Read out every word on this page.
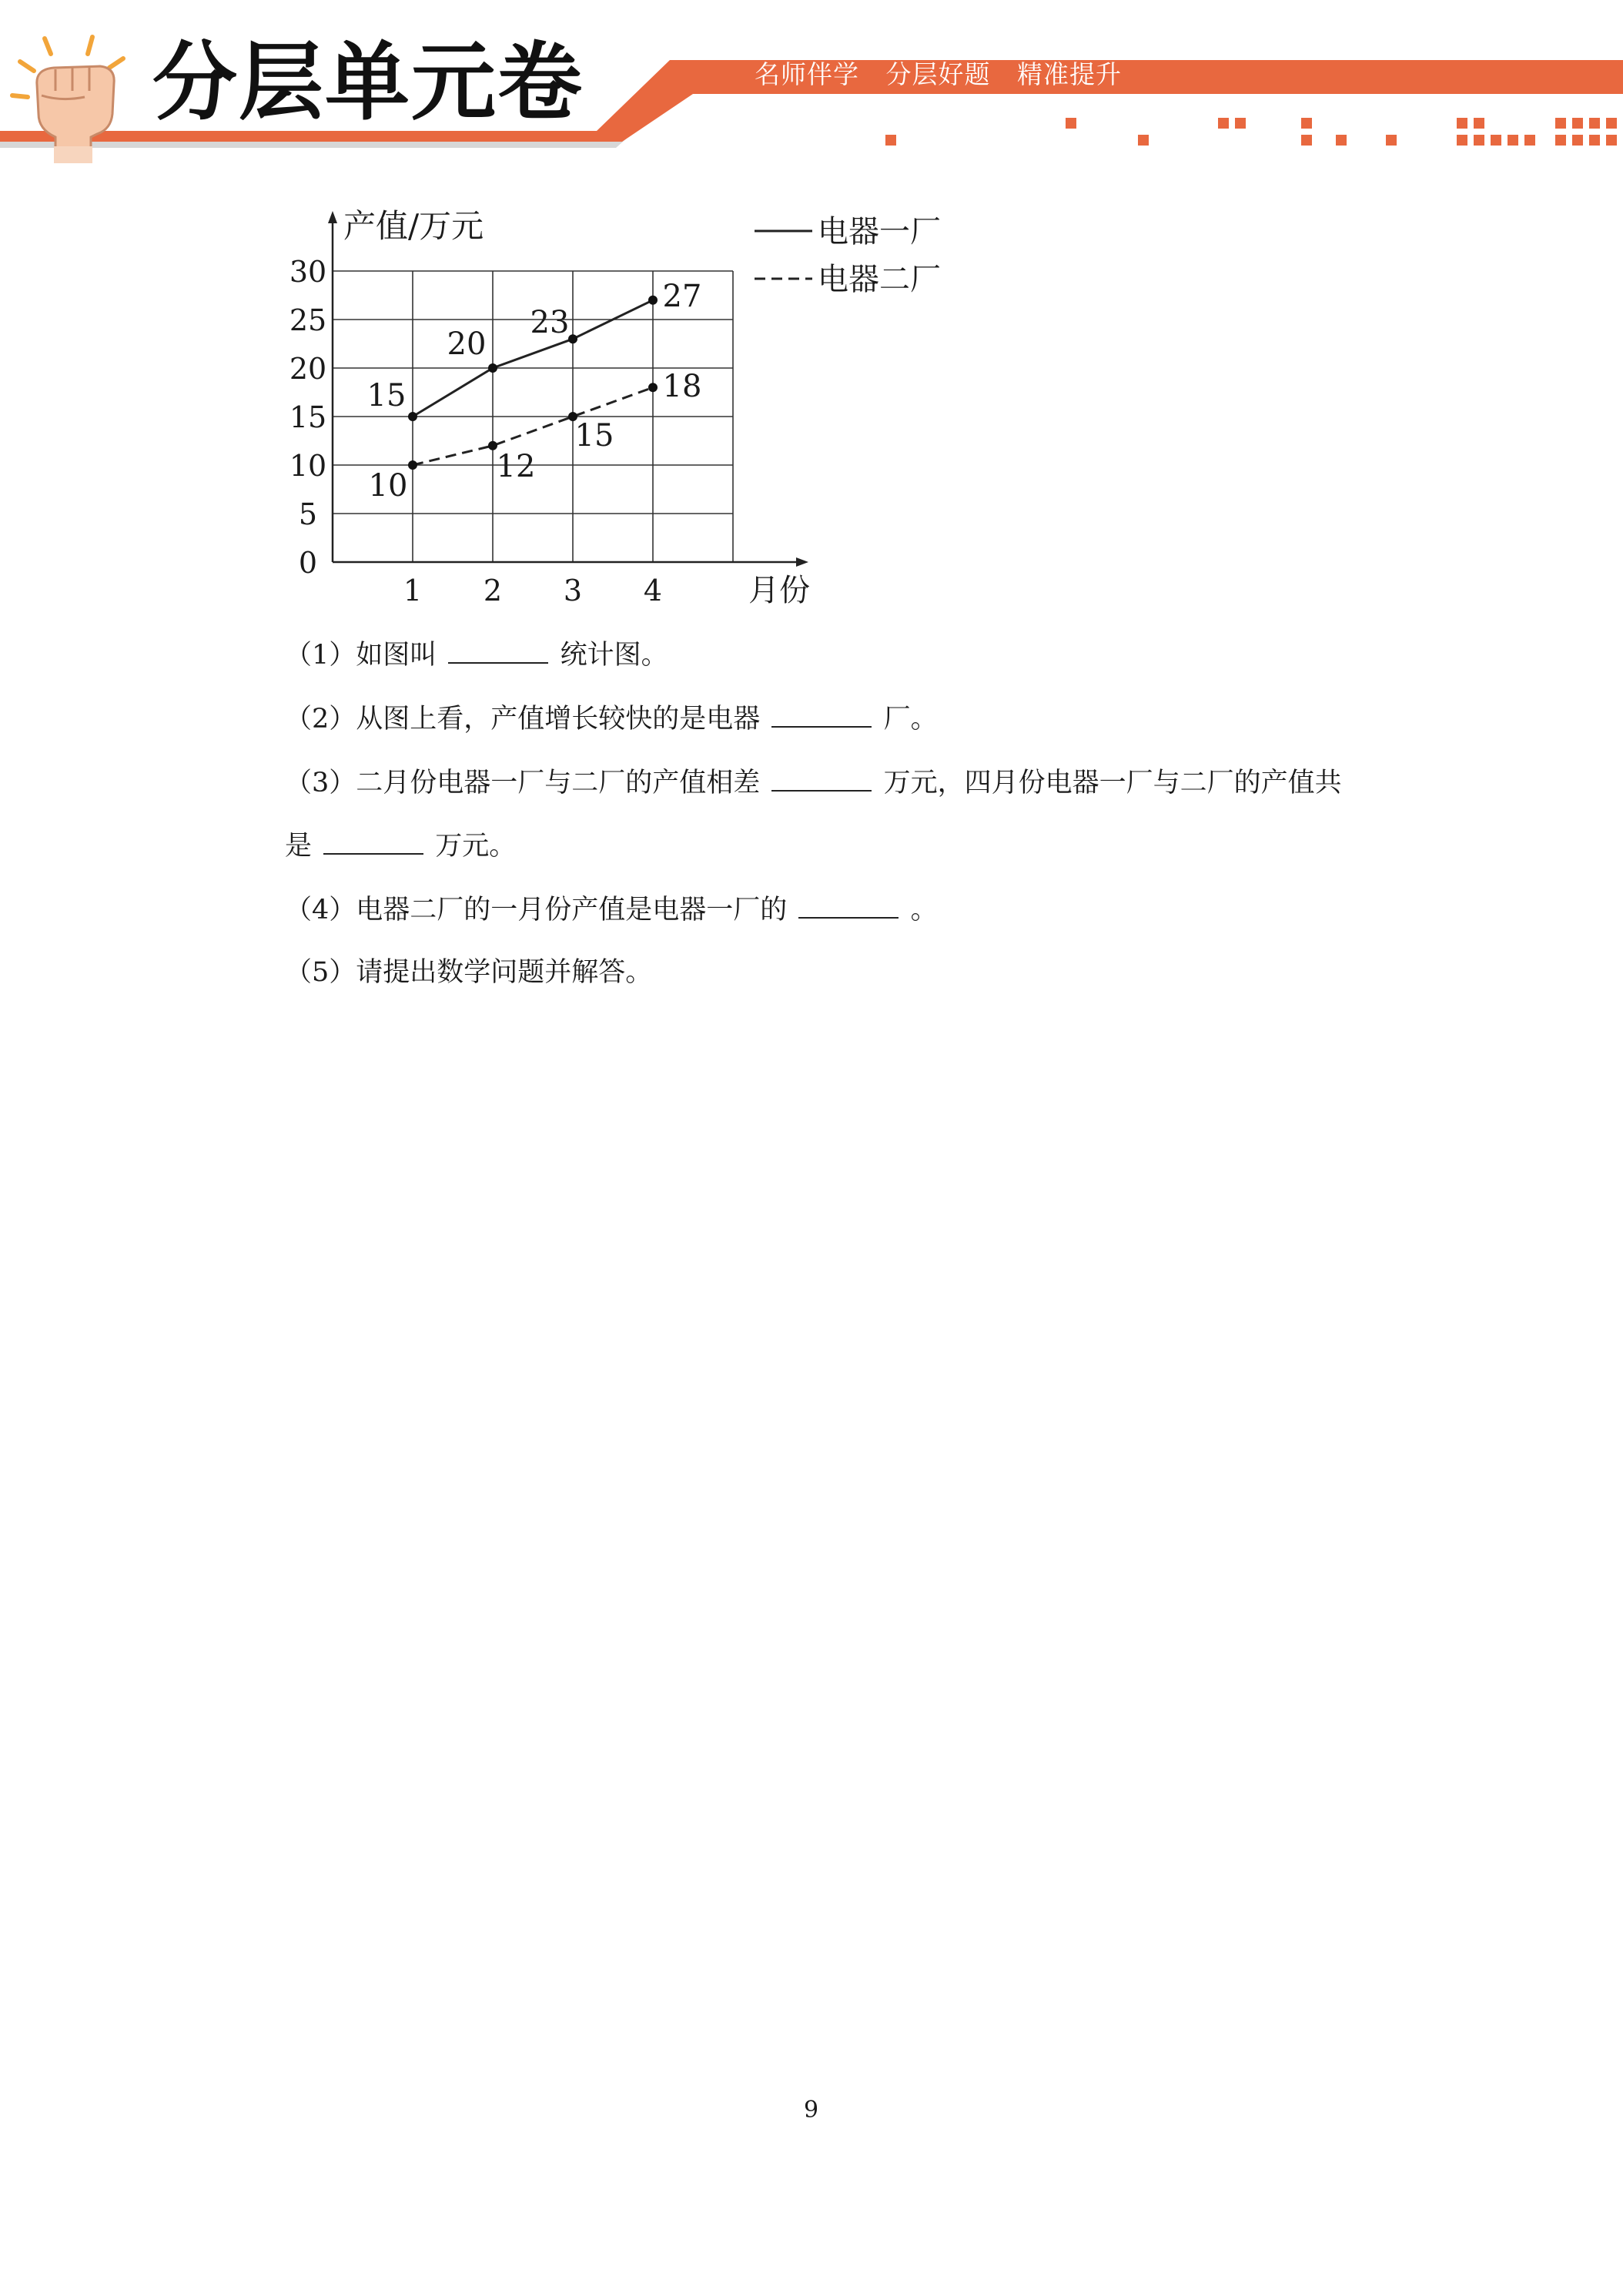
分层单元卷	名师伴学   分层好题   精准提升
产值/万元
月份
0
5
10
15
20
25
30
1 2 3 4
15
20
23
27
10
12
15
18
电器一厂
电器二厂
（1）如图叫	统计图。
（2）从图上看，产值增长较快的是电器	厂。
（3）二月份电器一厂与二厂的产值相差	万元，四月份电器一厂与二厂的产值共
是	万元。
（4）电器二厂的一月份产值是电器一厂的	。
（5）请提出数学问题并解答。
9
